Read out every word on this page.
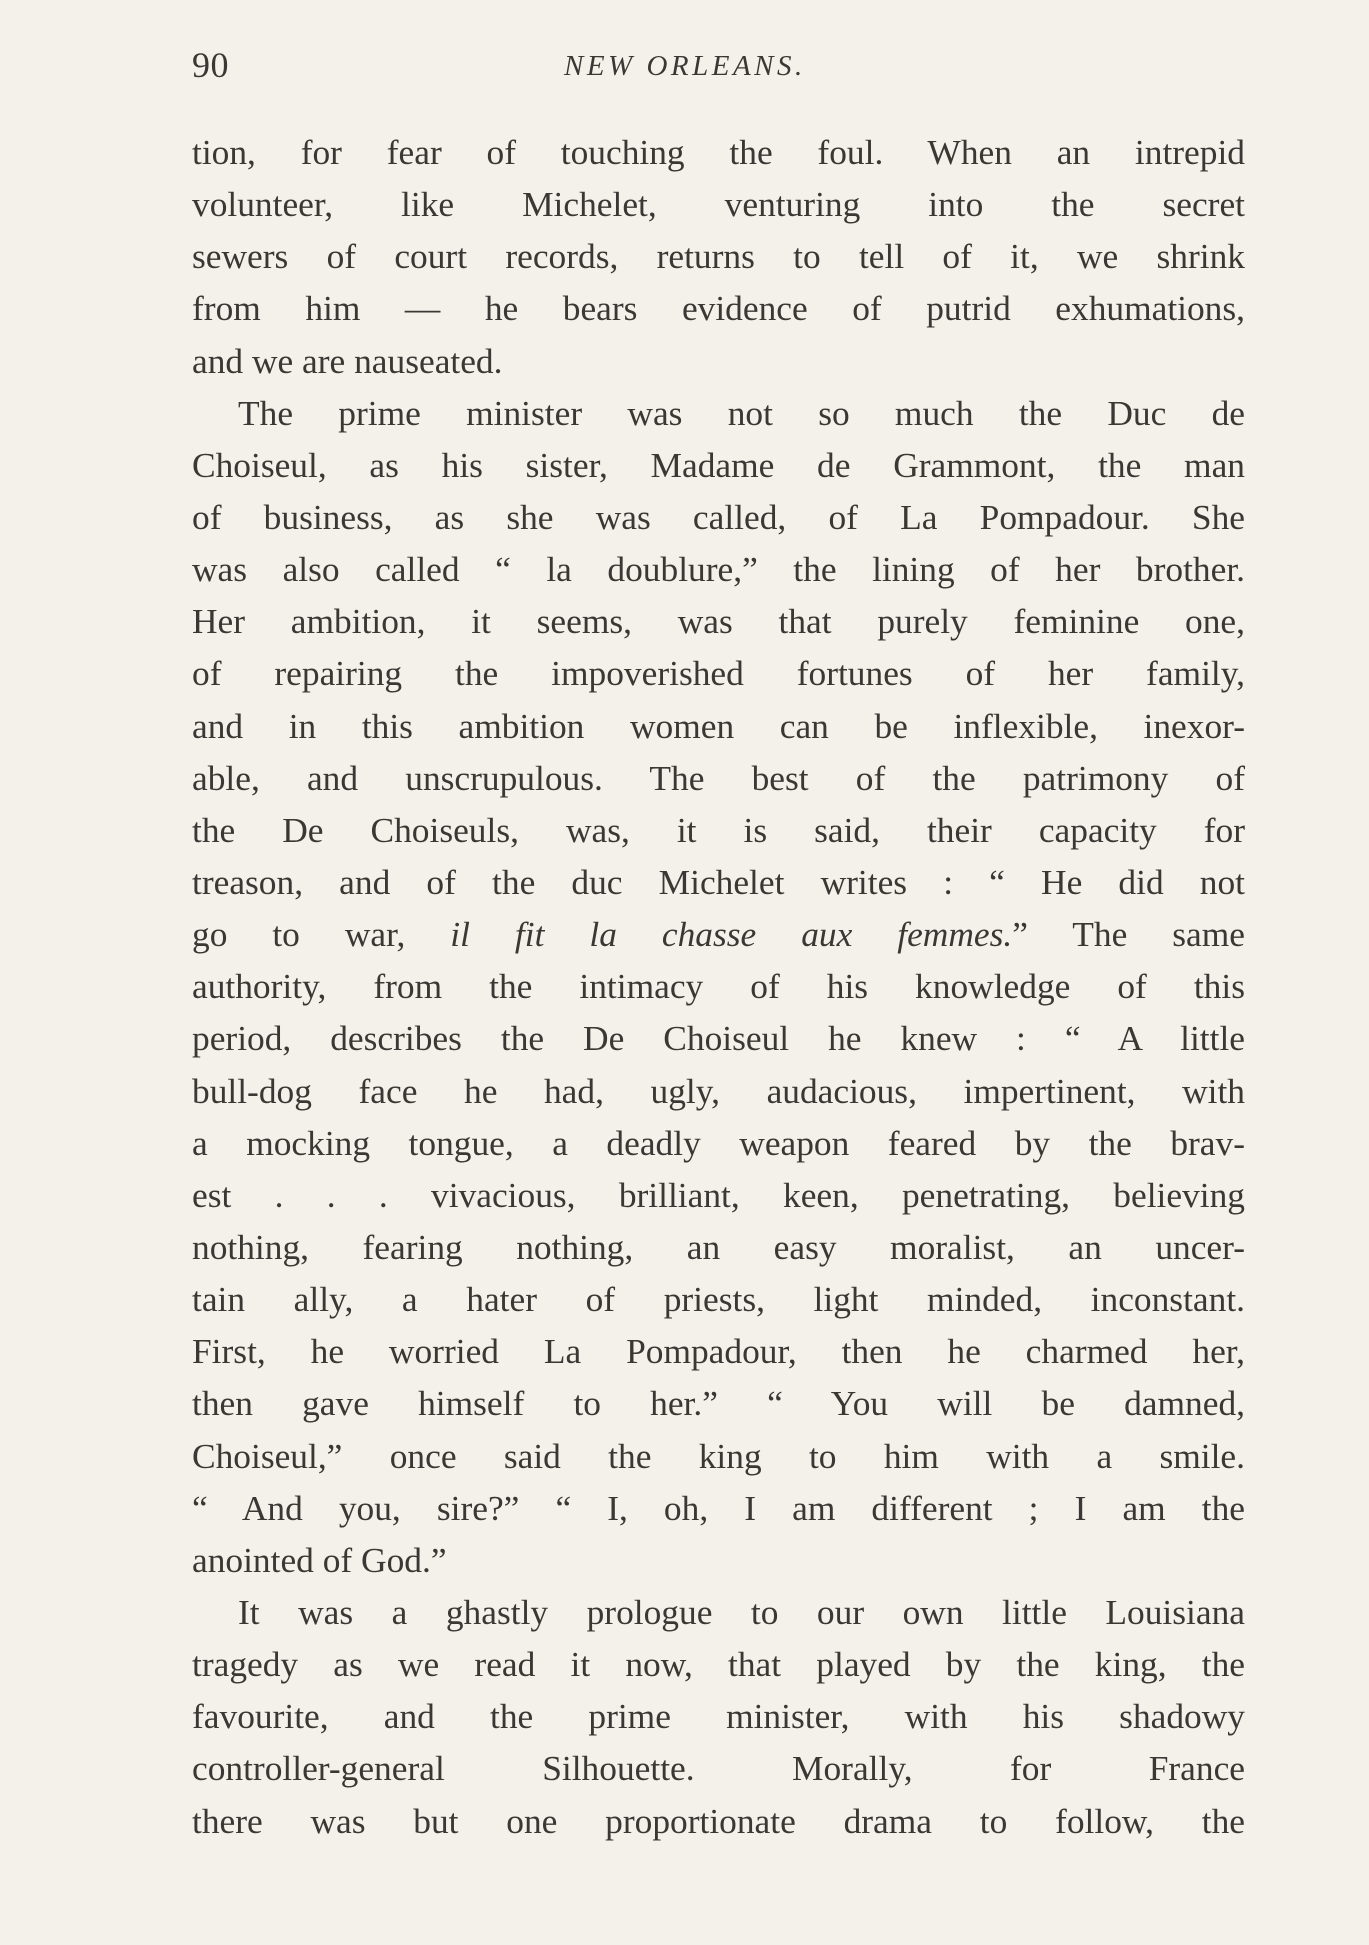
90	NEW ORLEANS.
tion, for fear of touching the foul. When an intrepid
volunteer, like Michelet, venturing into the secret
sewers of court records, returns to tell of it, we shrink
from him — he bears evidence of putrid exhumations,
and we are nauseated.
The prime minister was not so much the Duc de
Choiseul, as his sister, Madame de Grammont, the man
of business, as she was called, of La Pompadour. She
was also called “ la doublure,” the lining of her brother.
Her ambition, it seems, was that purely feminine one,
of repairing the impoverished fortunes of her family,
and in this ambition women can be inflexible, inexor-
able, and unscrupulous. The best of the patrimony of
the De Choiseuls, was, it is said, their capacity for
treason, and of the duc Michelet writes : “ He did not
go to war, il fit la chasse aux femmes.” The same
authority, from the intimacy of his knowledge of this
period, describes the De Choiseul he knew : “ A little
bull-dog face he had, ugly, audacious, impertinent, with
a mocking tongue, a deadly weapon feared by the brav-
est . . . vivacious, brilliant, keen, penetrating, believing
nothing, fearing nothing, an easy moralist, an uncer-
tain ally, a hater of priests, light minded, inconstant.
First, he worried La Pompadour, then he charmed her,
then gave himself to her.” “ You will be damned,
Choiseul,” once said the king to him with a smile.
“ And you, sire?” “ I, oh, I am different ; I am the
anointed of God.”
It was a ghastly prologue to our own little Louisiana
tragedy as we read it now, that played by the king, the
favourite, and the prime minister, with his shadowy
controller-general Silhouette. Morally, for France
there was but one proportionate drama to follow, the
